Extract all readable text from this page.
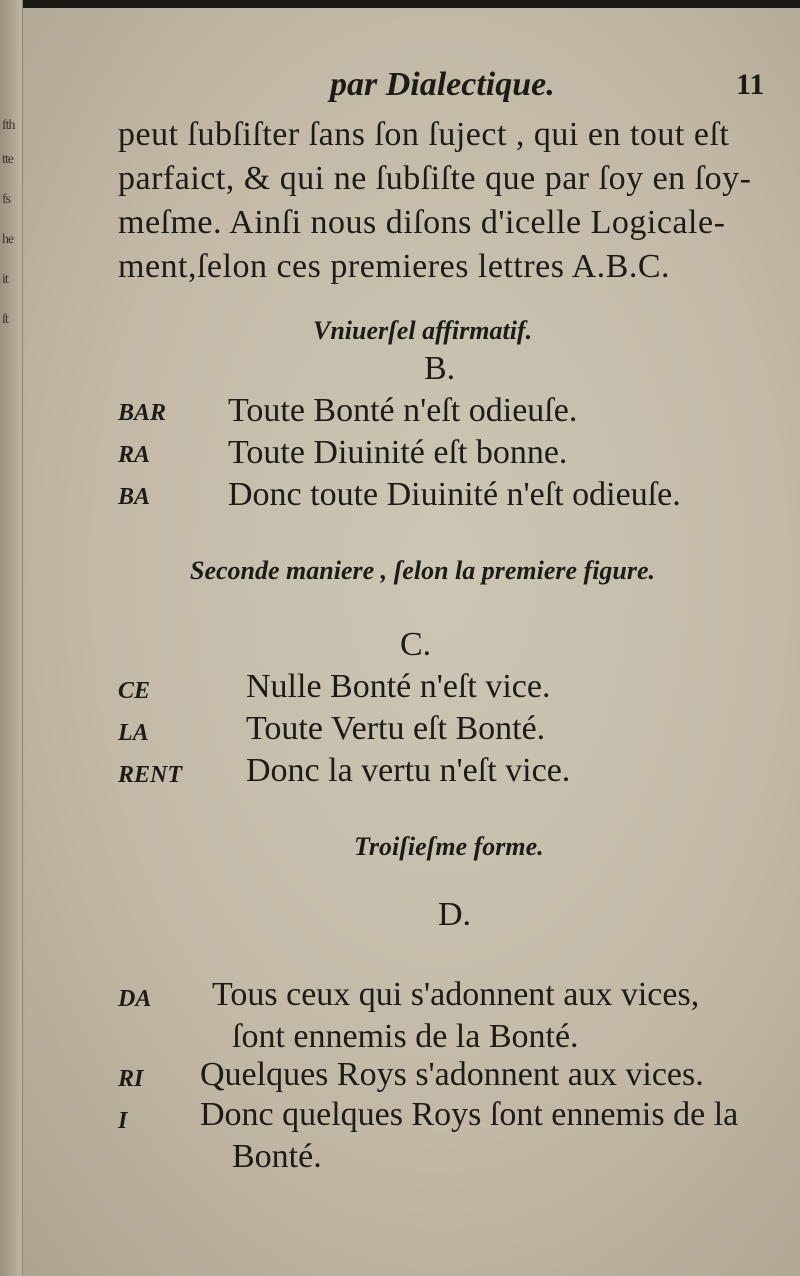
fth
tte
fs
he
it
ſt
par Dialectique.	11
peut ſubſiſter ſans ſon ſuject , qui en tout eſt
parfaict, & qui ne ſubſiſte que par ſoy en ſoy-
meſme. Ainſi nous diſons d'icelle Logicale-
ment,ſelon ces premieres lettres A.B.C.
Vniuerſel affirmatif.
B.
BAR Toute Bonté n'eſt odieuſe.
RA Toute Diuinité eſt bonne.
BA Donc toute Diuinité n'eſt odieuſe.
Seconde maniere , ſelon la premiere figure.
C.
CE	Nulle Bonté n'eſt vice.
LA	Toute Vertu eſt Bonté.
RENT Donc la vertu n'eſt vice.
Troiſieſme forme.
D.
DA Tous ceux qui s'adonnent aux vices,
ſont ennemis de la Bonté.
RI Quelques Roys s'adonnent aux vices.
I Donc quelques Roys ſont ennemis de la
Bonté.
